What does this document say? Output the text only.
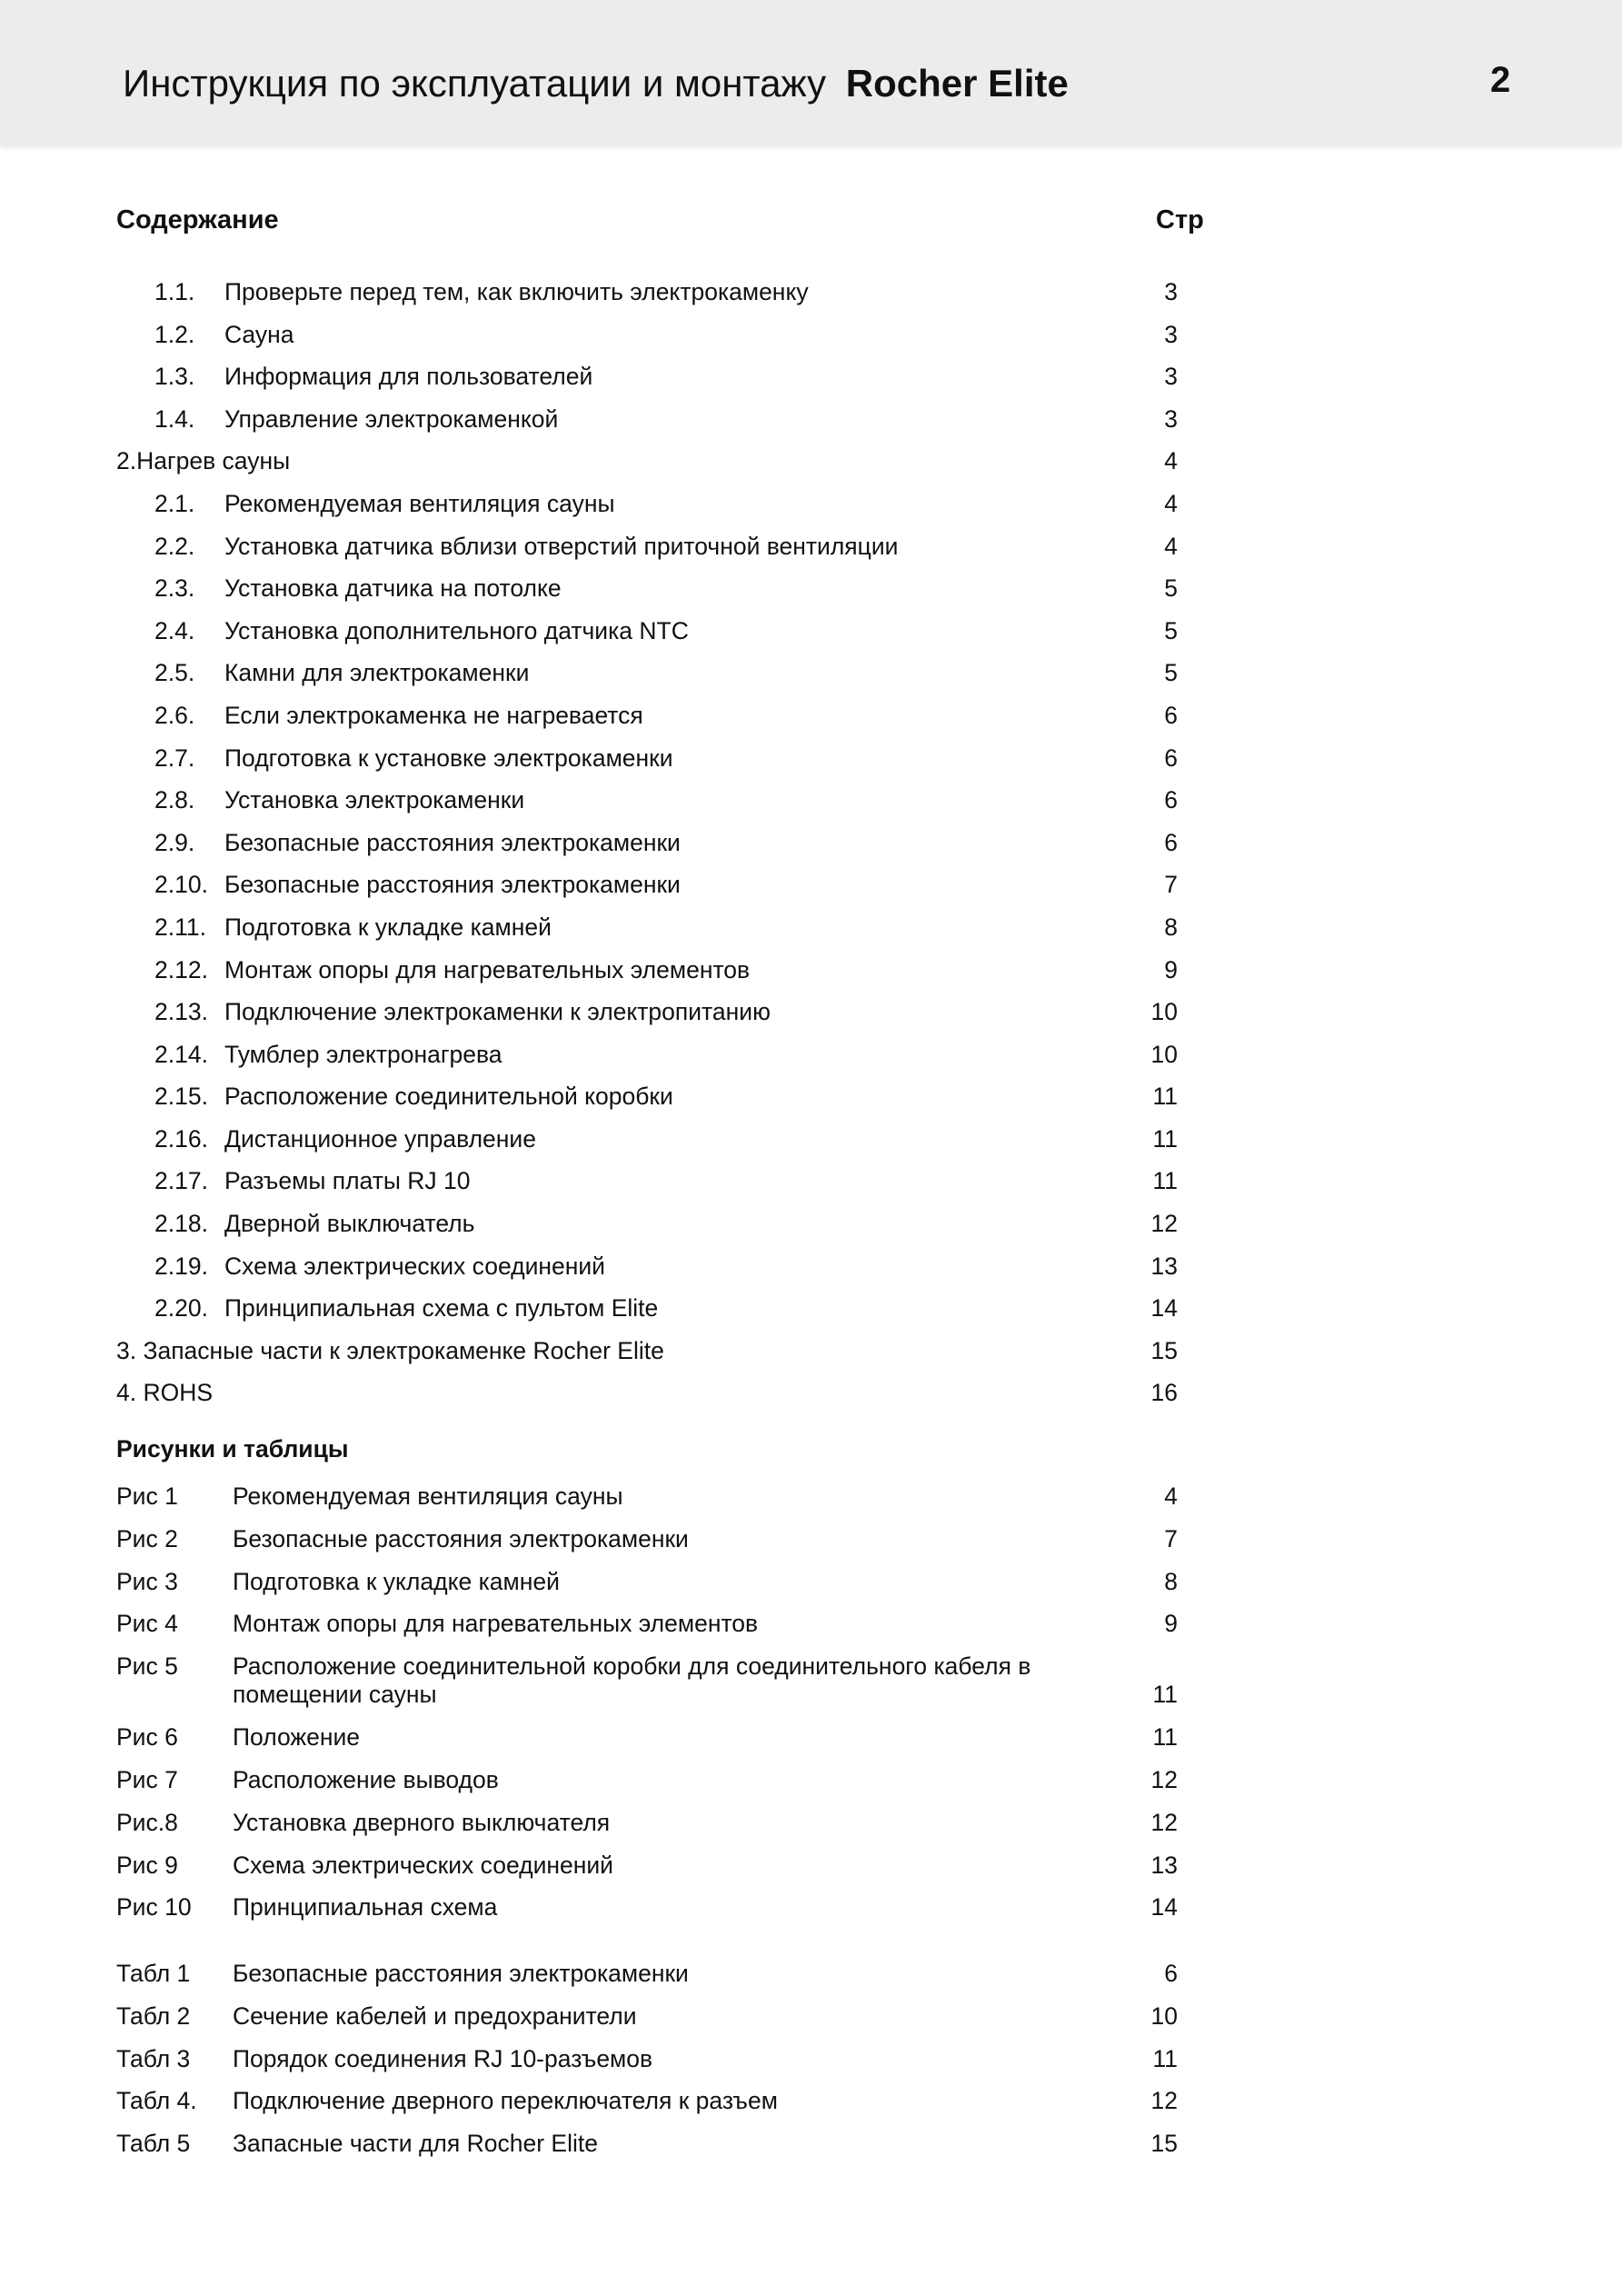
Инструкция по эксплуатации и монтажу Rocher Elite	2
Содержание	Стр
1.1. Проверьте перед тем, как включить электрокаменку	3
1.2. Сауна	3
1.3. Информация для пользователей	3
1.4. Управление электрокаменкой	3
2.Нагрев сауны	4
2.1. Рекомендуемая вентиляция сауны	4
2.2. Установка датчика вблизи отверстий приточной вентиляции	4
2.3. Установка датчика на потолке	5
2.4. Установка дополнительного датчика NTC	5
2.5. Камни для электрокаменки	5
2.6. Если электрокаменка не нагревается	6
2.7. Подготовка к установке электрокаменки	6
2.8. Установка электрокаменки	6
2.9. Безопасные расстояния электрокаменки	6
2.10. Безопасные расстояния электрокаменки	7
2.11. Подготовка к укладке камней	8
2.12. Монтаж опоры для нагревательных элементов	9
2.13. Подключение электрокаменки к электропитанию	10
2.14. Тумблер электронагрева	10
2.15. Расположение соединительной коробки	11
2.16. Дистанционное управление	11
2.17. Разъемы платы RJ 10	11
2.18. Дверной выключатель	12
2.19. Схема электрических соединений	13
2.20. Принципиальная схема с пультом Elite	14
3. Запасные части к электрокаменке Rocher Elite	15
4. ROHS	16
Рисунки и таблицы
Рис 1 Рекомендуемая вентиляция сауны	4
Рис 2 Безопасные расстояния электрокаменки	7
Рис 3 Подготовка к укладке камней	8
Рис 4 Монтаж опоры для нагревательных элементов	9
Рис 5 Расположение соединительной коробки для соединительного кабеля в помещении сауны	11
Рис 6 Положение	11
Рис 7 Расположение выводов	12
Рис.8 Установка дверного выключателя	12
Рис 9 Схема электрических соединений	13
Рис 10 Принципиальная схема	14
Табл 1 Безопасные расстояния электрокаменки	6
Табл 2 Сечение кабелей и предохранители	10
Табл 3 Порядок соединения RJ 10-разъемов	11
Табл 4. Подключение дверного переключателя к разъем	12
Табл 5 Запасные части для Rocher Elite	15
